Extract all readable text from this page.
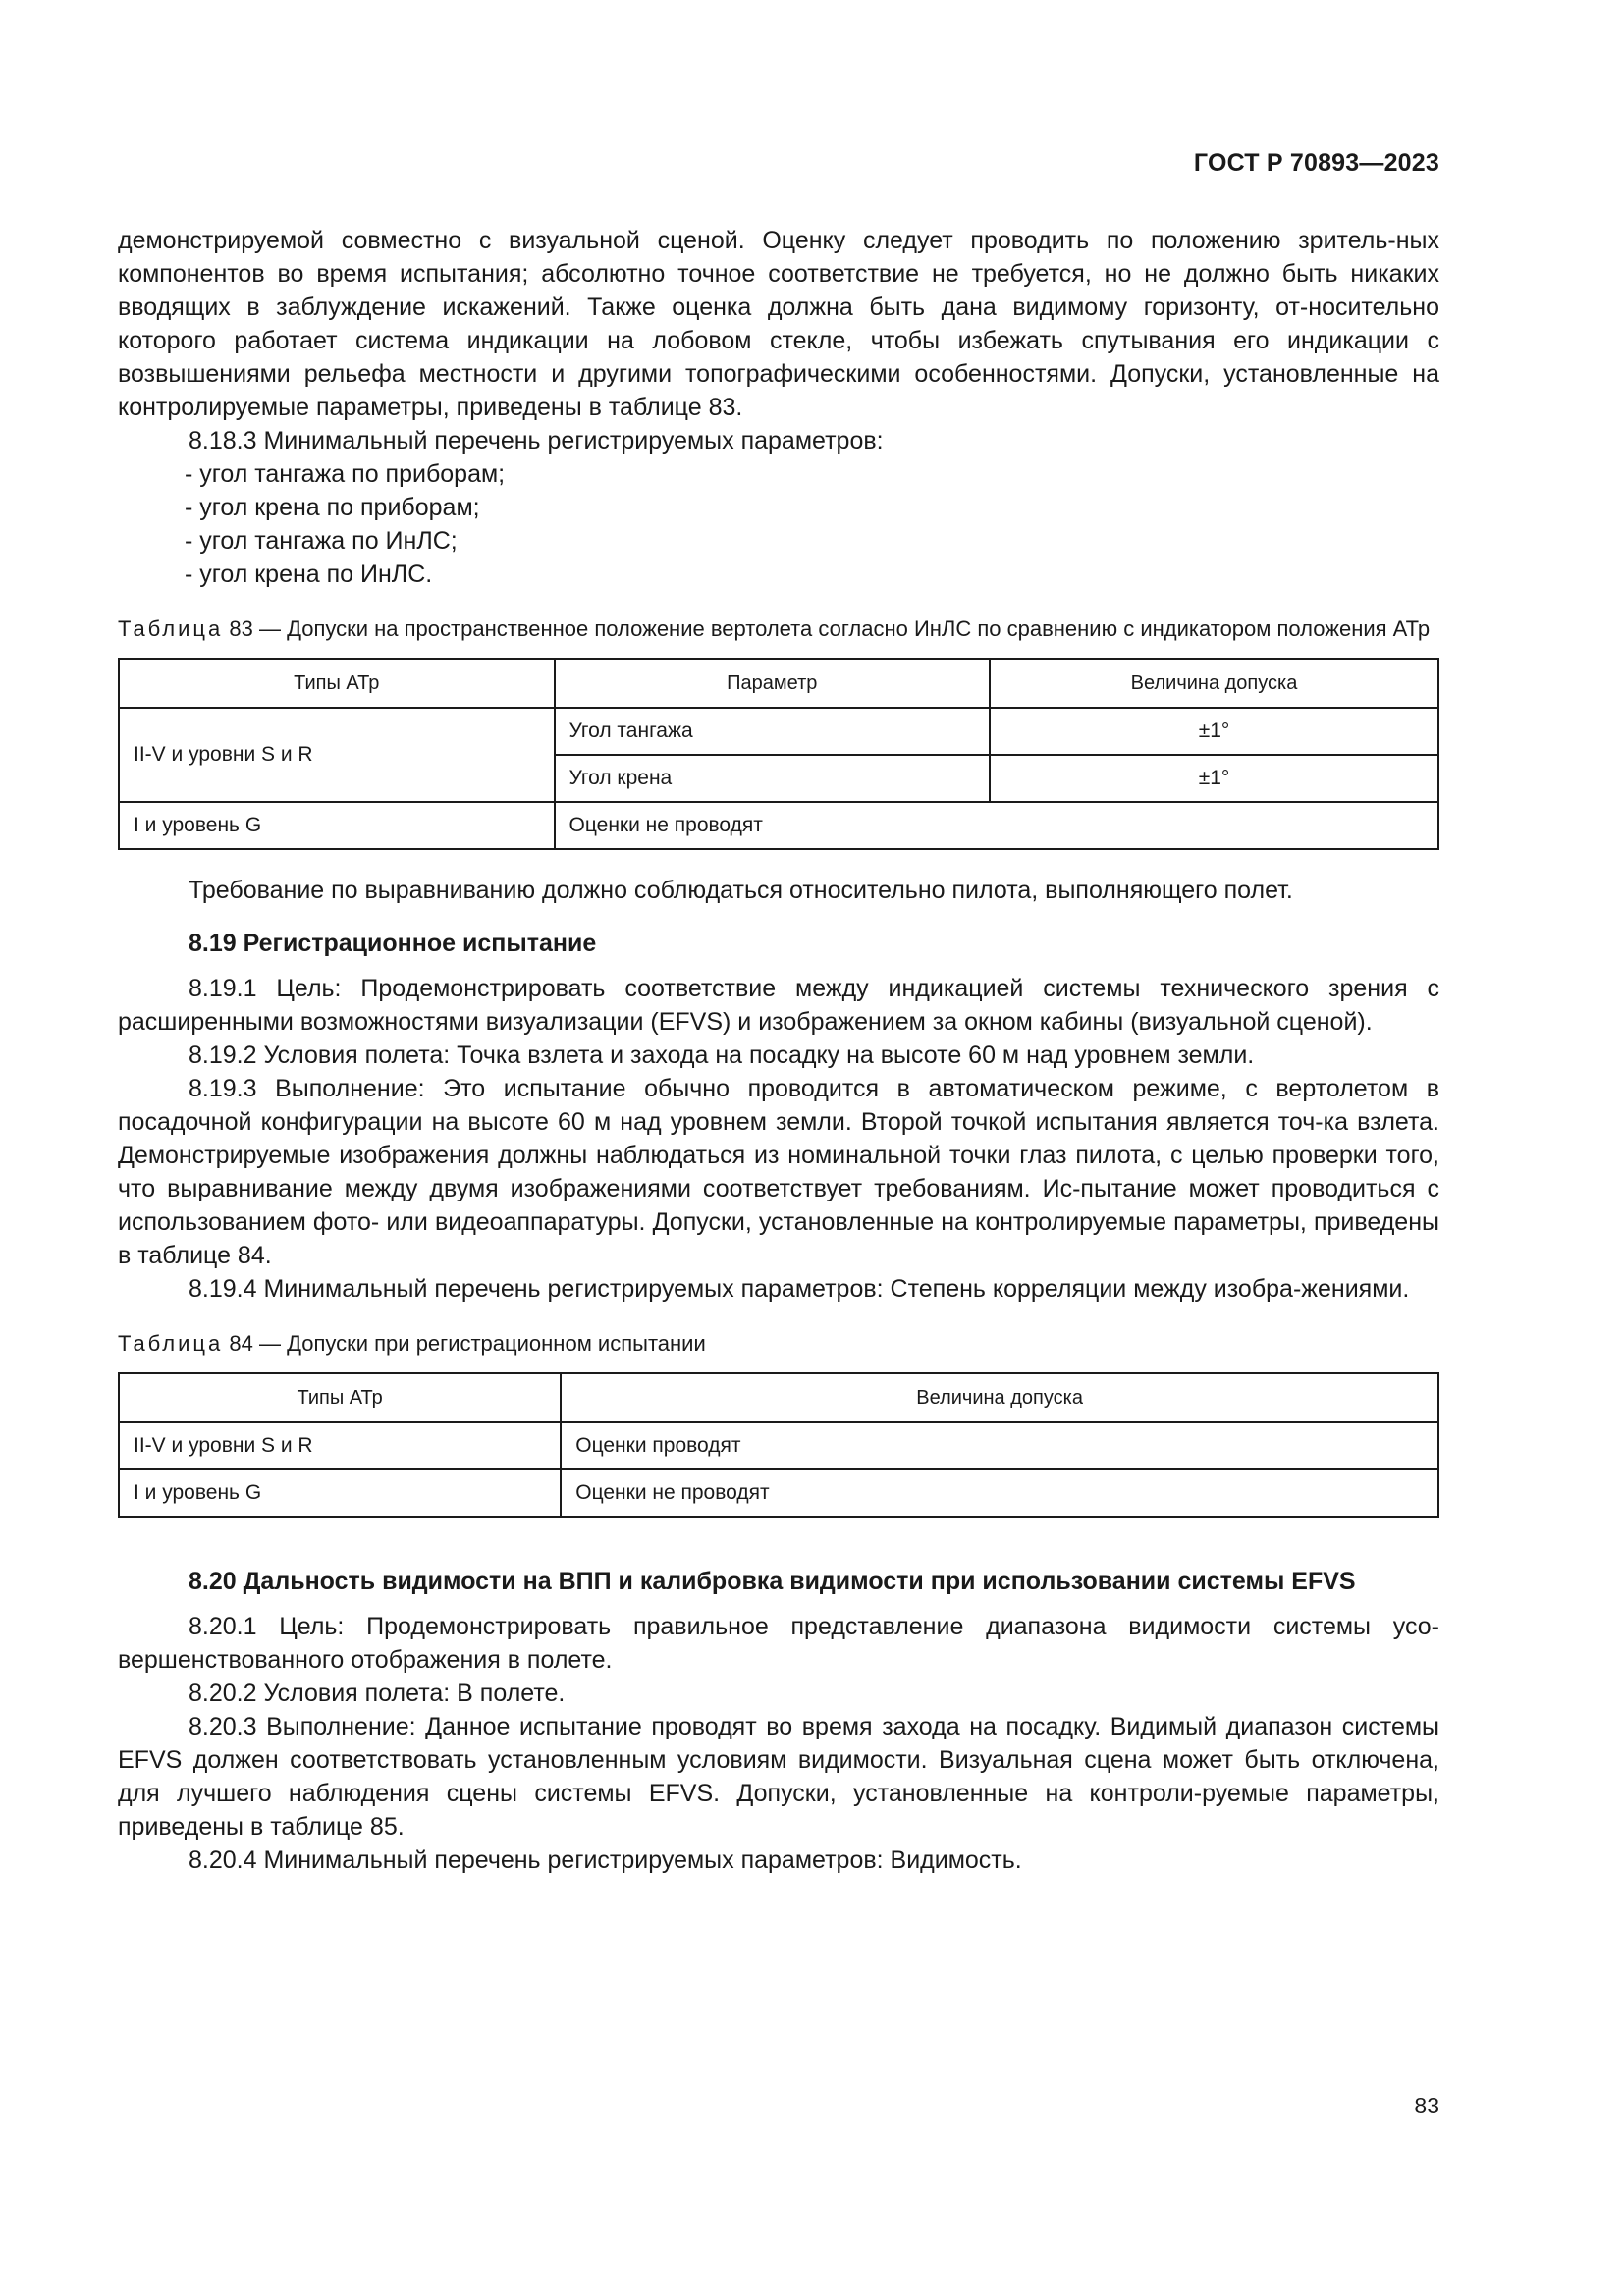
ГОСТ Р 70893—2023

демонстрируемой совместно с визуальной сценой. Оценку следует проводить по положению зритель-ных компонентов во время испытания; абсолютно точное соответствие не требуется, но не должно быть никаких вводящих в заблуждение искажений. Также оценка должна быть дана видимому горизонту, от-носительно которого работает система индикации на лобовом стекле, чтобы избежать спутывания его индикации с возвышениями рельефа местности и другими топографическими особенностями. Допуски, установленные на контролируемые параметры, приведены в таблице 83.

8.18.3 Минимальный перечень регистрируемых параметров:

- угол тангажа по приборам;

- угол крена по приборам;

- угол тангажа по ИнЛС;

- угол крена по ИнЛС.

Таблица 83 — Допуски на пространственное положение вертолета согласно ИнЛС по сравнению с индикатором положения АТр

Типы АТр	Параметр	Величина допуска
II-V и уровни S и R	Угол тангажа	±1°
	Угол крена	±1°
I и уровень G	Оценки не проводят	

Требование по выравниванию должно соблюдаться относительно пилота, выполняющего полет.

8.19 Регистрационное испытание

8.19.1 Цель: Продемонстрировать соответствие между индикацией системы технического зрения с расширенными возможностями визуализации (EFVS) и изображением за окном кабины (визуальной сценой).

8.19.2 Условия полета: Точка взлета и захода на посадку на высоте 60 м над уровнем земли.

8.19.3 Выполнение: Это испытание обычно проводится в автоматическом режиме, с вертолетом в посадочной конфигурации на высоте 60 м над уровнем земли. Второй точкой испытания является точ-ка взлета. Демонстрируемые изображения должны наблюдаться из номинальной точки глаз пилота, с целью проверки того, что выравнивание между двумя изображениями соответствует требованиям. Ис-пытание может проводиться с использованием фото- или видеоаппаратуры. Допуски, установленные на контролируемые параметры, приведены в таблице 84.

8.19.4 Минимальный перечень регистрируемых параметров: Степень корреляции между изобра-жениями.

Таблица 84 — Допуски при регистрационном испытании

Типы АТр	Величина допуска
II-V и уровни S и R	Оценки проводят
I и уровень G	Оценки не проводят
8.20 Дальность видимости на ВПП и калибровка видимости при использовании системы EFVS

8.20.1 Цель: Продемонстрировать правильное представление диапазона видимости системы усо-вершенствованного отображения в полете.

8.20.2 Условия полета: В полете.

8.20.3 Выполнение: Данное испытание проводят во время захода на посадку. Видимый диапазон системы EFVS должен соответствовать установленным условиям видимости. Визуальная сцена может быть отключена, для лучшего наблюдения сцены системы EFVS. Допуски, установленные на контроли-руемые параметры, приведены в таблице 85.

8.20.4 Минимальный перечень регистрируемых параметров: Видимость.

83
